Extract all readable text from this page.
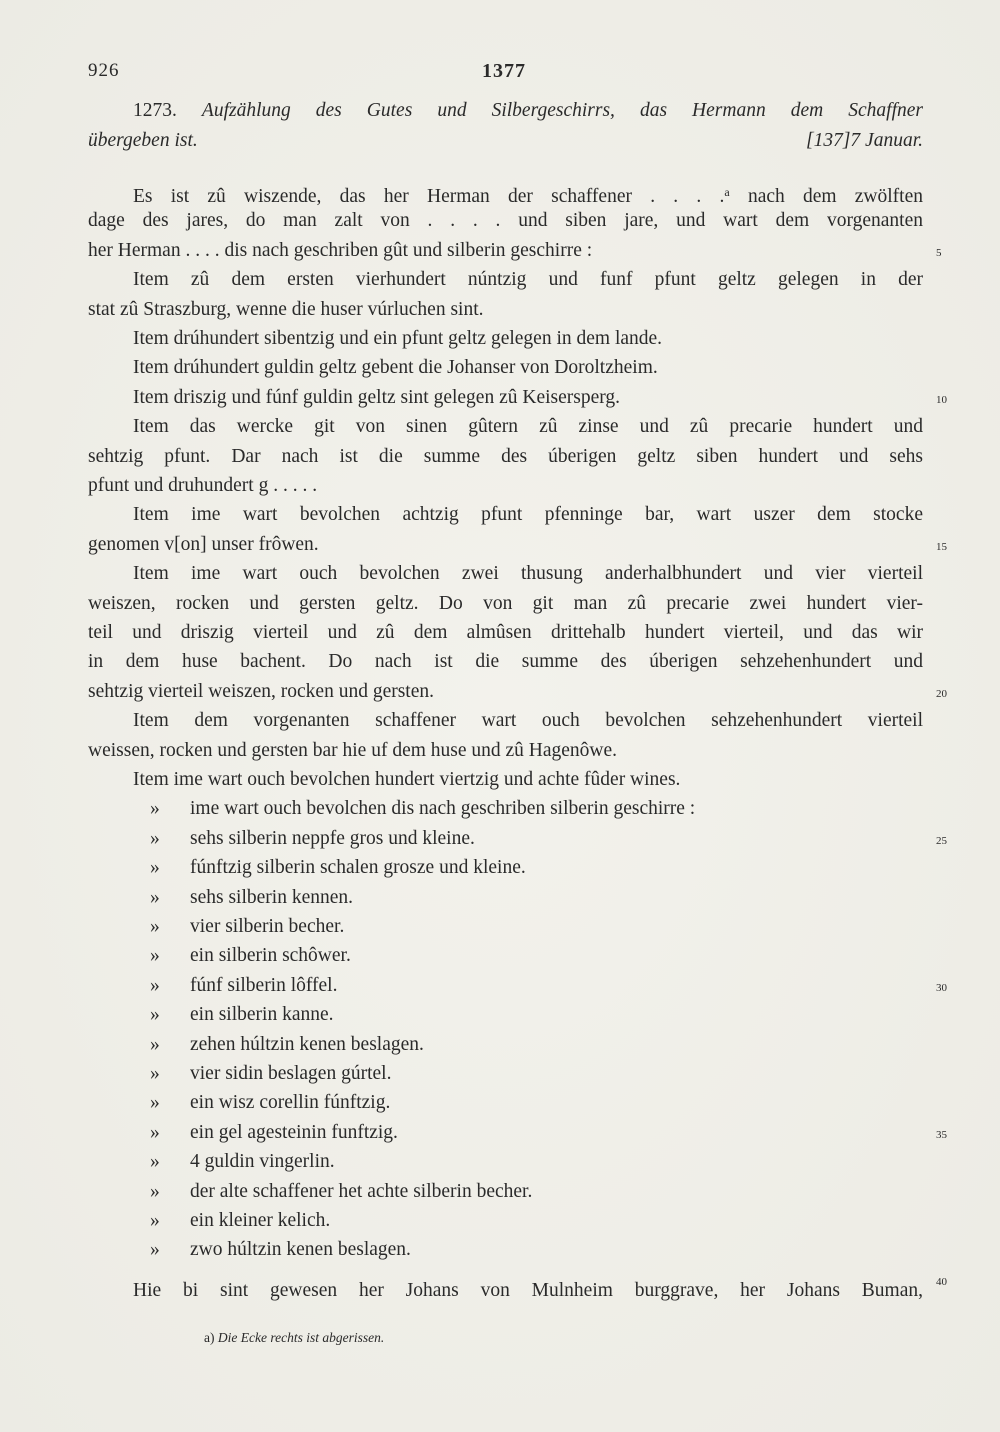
926	1377
1273. Aufzählung des Gutes und Silbergeschirrs, das Hermann dem Schaffner
übergeben ist.	[137]7 Januar.
Es ist zû wiszende, das her Herman der schaffener . . . .$^a$ nach dem zwölften
dage des jares, do man zalt von . . . . und siben jare, und wart dem vorgenanten
her Herman . . . . dis nach geschriben gût und silberin geschirre :
Item zû dem ersten vierhundert núntzig und funf pfunt geltz gelegen in der
stat zû Straszburg, wenne die huser vúrluchen sint.
Item drúhundert sibentzig und ein pfunt geltz gelegen in dem lande.
Item drúhundert guldin geltz gebent die Johanser von Doroltzheim.
Item driszig und fúnf guldin geltz sint gelegen zû Keisersperg.
Item das wercke git von sinen gûtern zû zinse und zû precarie hundert und
sehtzig pfunt. Dar nach ist die summe des úberigen geltz siben hundert und sehs
pfunt und druhundert g . . . . .
Item ime wart bevolchen achtzig pfunt pfenninge bar, wart uszer dem stocke
genomen v[on] unser frôwen.
Item ime wart ouch bevolchen zwei thusung anderhalbhundert und vier vierteil
weiszen, rocken und gersten geltz. Do von git man zû precarie zwei hundert vier-
teil und driszig vierteil und zû dem almûsen drittehalb hundert vierteil, und das wir
in dem huse bachent. Do nach ist die summe des úberigen sehzehenhundert und
sehtzig vierteil weiszen, rocken und gersten.
Item dem vorgenanten schaffener wart ouch bevolchen sehzehenhundert vierteil
weissen, rocken und gersten bar hie uf dem huse und zû Hagenôwe.
Item ime wart ouch bevolchen hundert viertzig und achte fûder wines.
» ime wart ouch bevolchen dis nach geschriben silberin geschirre :
» sehs silberin neppfe gros und kleine.
» fúnftzig silberin schalen grosze und kleine.
» sehs silberin kennen.
» vier silberin becher.
» ein silberin schôwer.
» fúnf silberin lôffel.
» ein silberin kanne.
» zehen húltzin kenen beslagen.
» vier sidin beslagen gúrtel.
» ein wisz corellin fúnftzig.
» ein gel agesteinin funftzig.
» 4 guldin vingerlin.
» der alte schaffener het achte silberin becher.
» ein kleiner kelich.
» zwo húltzin kenen beslagen.
Hie bi sint gewesen her Johans von Mulnheim burggrave, her Johans Buman,
5
10
15
20
25
30
35
40
a) Die Ecke rechts ist abgerissen.
